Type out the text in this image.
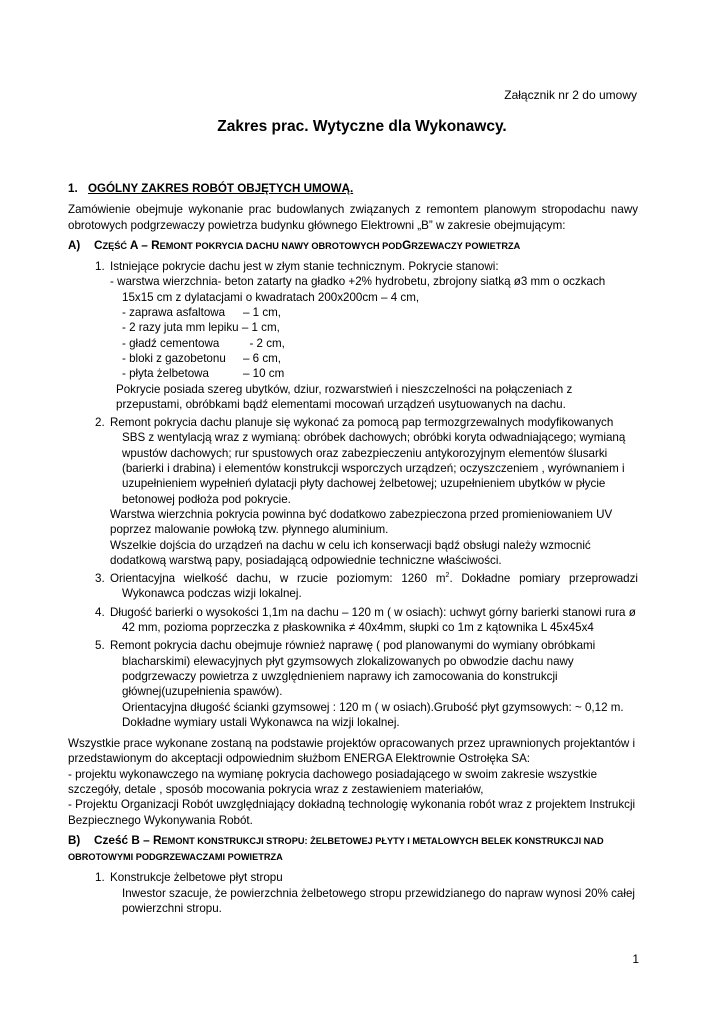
Załącznik nr 2 do umowy
Zakres prac. Wytyczne dla Wykonawcy.
1. OGÓLNY ZAKRES ROBÓT OBJĘTYCH UMOWĄ.
Zamówienie obejmuje wykonanie prac budowlanych związanych z remontem planowym stropodachu nawy obrotowych podgrzewaczy powietrza budynku głównego Elektrowni „B” w zakresie obejmującym:
A) CZĘŚĆ A – REMONT POKRYCIA DACHU NAWY OBROTOWYCH PODGRZEWACZY POWIETRZA
1. Istniejące pokrycie dachu jest w złym stanie technicznym. Pokrycie stanowi:
- warstwa wierzchnia- beton zatarty na gładko +2% hydrobetu, zbrojony siatką ø3 mm o oczkach 15x15 cm z dylatacjami o kwadratach 200x200cm – 4 cm,
- zaprawa asfaltowa	– 1 cm,
- 2 razy juta mm lepiku – 1 cm,
- gładź cementowa	- 2 cm,
- bloki z gazobetonu	– 6 cm,
- płyta żelbetowa	– 10 cm
Pokrycie posiada szereg ubytków, dziur, rozwarstwień i nieszczelności na połączeniach z przepustami, obróbkami bądź elementami mocowań urządzeń usytuowanych na dachu.
2. Remont pokrycia dachu planuje się wykonać za pomocą pap termozgrzewalnych modyfikowanych SBS z wentylacją wraz z wymianą: obróbek dachowych; obróbki koryta odwadniającego; wymianą wpustów dachowych; rur spustowych oraz zabezpieczeniu antykorozyjnym elementów ślusarki (barierki i drabina) i elementów konstrukcji wsporczych urządzeń; oczyszczeniem , wyrównaniem i uzupełnieniem wypełnień dylatacji płyty dachowej żelbetowej; uzupełnieniem ubytków w płycie betonowej podłoża pod pokrycie.
Warstwa wierzchnia pokrycia powinna być dodatkowo zabezpieczona przed promieniowaniem UV poprzez malowanie powłoką tzw. płynnego aluminium.
Wszelkie dojścia do urządzeń na dachu w celu ich konserwacji bądź obsługi należy wzmocnić dodatkową warstwą papy, posiadającą odpowiednie techniczne właściwości.
3. Orientacyjna wielkość dachu, w rzucie poziomym: 1260 $m^2$. Dokładne pomiary przeprowadzi Wykonawca podczas wizji lokalnej.
4. Długość barierki o wysokości 1,1m na dachu – 120 m ( w osiach): uchwyt górny barierki stanowi rura ø 42 mm, pozioma poprzeczka z płaskownika ≠ 40x4mm, słupki co 1m z kątownika L 45x45x4
5. Remont pokrycia dachu obejmuje również naprawę ( pod planowanymi do wymiany obróbkami blacharskimi) elewacyjnych płyt gzymsowych zlokalizowanych po obwodzie dachu nawy podgrzewaczy powietrza z uwzględnieniem naprawy ich zamocowania do konstrukcji głównej(uzupełnienia spawów).
Orientacyjna długość ścianki gzymsowej : 120 m ( w osiach).Grubość płyt gzymsowych: ~ 0,12 m.
Dokładne wymiary ustali Wykonawca na wizji lokalnej.
Wszystkie prace wykonane zostaną na podstawie projektów opracowanych przez uprawnionych projektantów i przedstawionym do akceptacji odpowiednim służbom ENERGA Elektrownie Ostrołęka SA:
- projektu wykonawczego na wymianę pokrycia dachowego posiadającego w swoim zakresie wszystkie szczegóły, detale , sposób mocowania pokrycia wraz z zestawieniem materiałów,
- Projektu Organizacji Robót uwzględniający dokładną technologię wykonania robót wraz z projektem Instrukcji Bezpiecznego Wykonywania Robót.
B) Cześć B – REMONT KONSTRUKCJI STROPU: ŻELBETOWEJ PŁYTY I METALOWYCH BELEK KONSTRUKCJI NAD OBROTOWYMI PODGRZEWACZAMI POWIETRZA
1. Konstrukcje żelbetowe płyt stropu
Inwestor szacuje, że powierzchnia żelbetowego stropu przewidzianego do napraw wynosi 20% całej powierzchni stropu.
1
